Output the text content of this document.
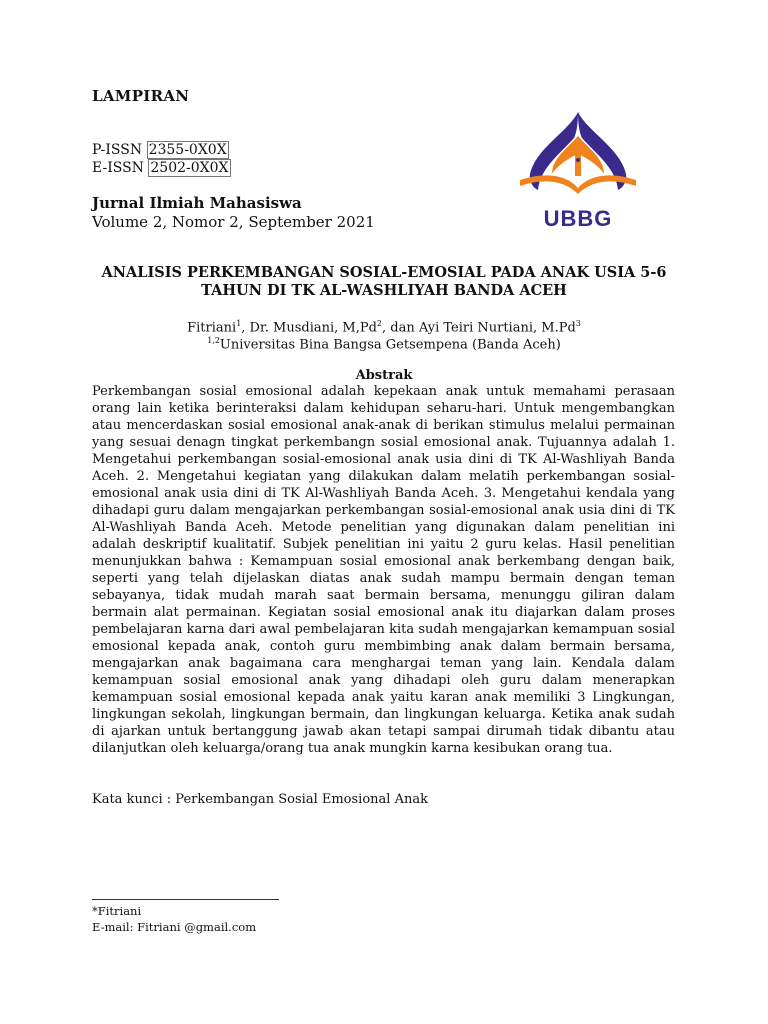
LAMPIRAN
P-ISSN 2355-0X0X
E-ISSN 2502-0X0X
Jurnal Ilmiah Mahasiswa
Volume 2, Nomor 2, September 2021	UBBG
ANALISIS PERKEMBANGAN SOSIAL-EMOSIAL PADA ANAK USIA 5-6
TAHUN DI TK AL-WASHLIYAH BANDA ACEH
Fitriani$^1$, Dr. Musdiani, M,Pd$^2$, dan Ayi Teiri Nurtiani, M.Pd$^3$
$^{1,2}$Universitas Bina Bangsa Getsempena (Banda Aceh)
Abstrak
Perkembangan sosial emosional adalah kepekaan anak untuk memahami perasaan orang lain ketika berinteraksi dalam kehidupan seharu-hari. Untuk mengembangkan atau mencerdaskan sosial emosional anak-anak di berikan stimulus melalui permainan yang sesuai denagn tingkat perkembangn sosial emosional anak. Tujuannya adalah 1. Mengetahui perkembangan sosial-emosional anak usia dini di TK Al-Washliyah Banda Aceh. 2. Mengetahui kegiatan yang dilakukan dalam melatih perkembangan sosial-emosional anak usia dini di TK Al-Washliyah Banda Aceh. 3. Mengetahui kendala yang dihadapi guru dalam mengajarkan perkembangan sosial-emosional anak usia dini di TK Al-Washliyah Banda Aceh. Metode penelitian yang digunakan dalam penelitian ini adalah deskriptif kualitatif. Subjek penelitian ini yaitu 2 guru kelas. Hasil penelitian menunjukkan bahwa : Kemampuan sosial emosional anak berkembang dengan baik, seperti yang telah dijelaskan diatas anak sudah mampu bermain dengan teman sebayanya, tidak mudah marah saat bermain bersama, menunggu giliran dalam bermain alat permainan. Kegiatan sosial emosional anak itu diajarkan dalam proses pembelajaran karna dari awal pembelajaran kita sudah mengajarkan kemampuan sosial emosional kepada anak, contoh guru membimbing anak dalam bermain bersama, mengajarkan anak bagaimana cara menghargai teman yang lain. Kendala dalam kemampuan sosial emosional anak yang dihadapi oleh guru dalam menerapkan kemampuan sosial emosional kepada anak yaitu karan anak memiliki 3 Lingkungan, lingkungan sekolah, lingkungan bermain, dan lingkungan keluarga. Ketika anak sudah di ajarkan untuk bertanggung jawab akan tetapi sampai dirumah tidak dibantu atau dilanjutkan oleh keluarga/orang tua anak mungkin karna kesibukan orang tua.
Kata kunci : Perkembangan Sosial Emosional Anak
*Fitriani
E-mail: Fitriani @gmail.com
